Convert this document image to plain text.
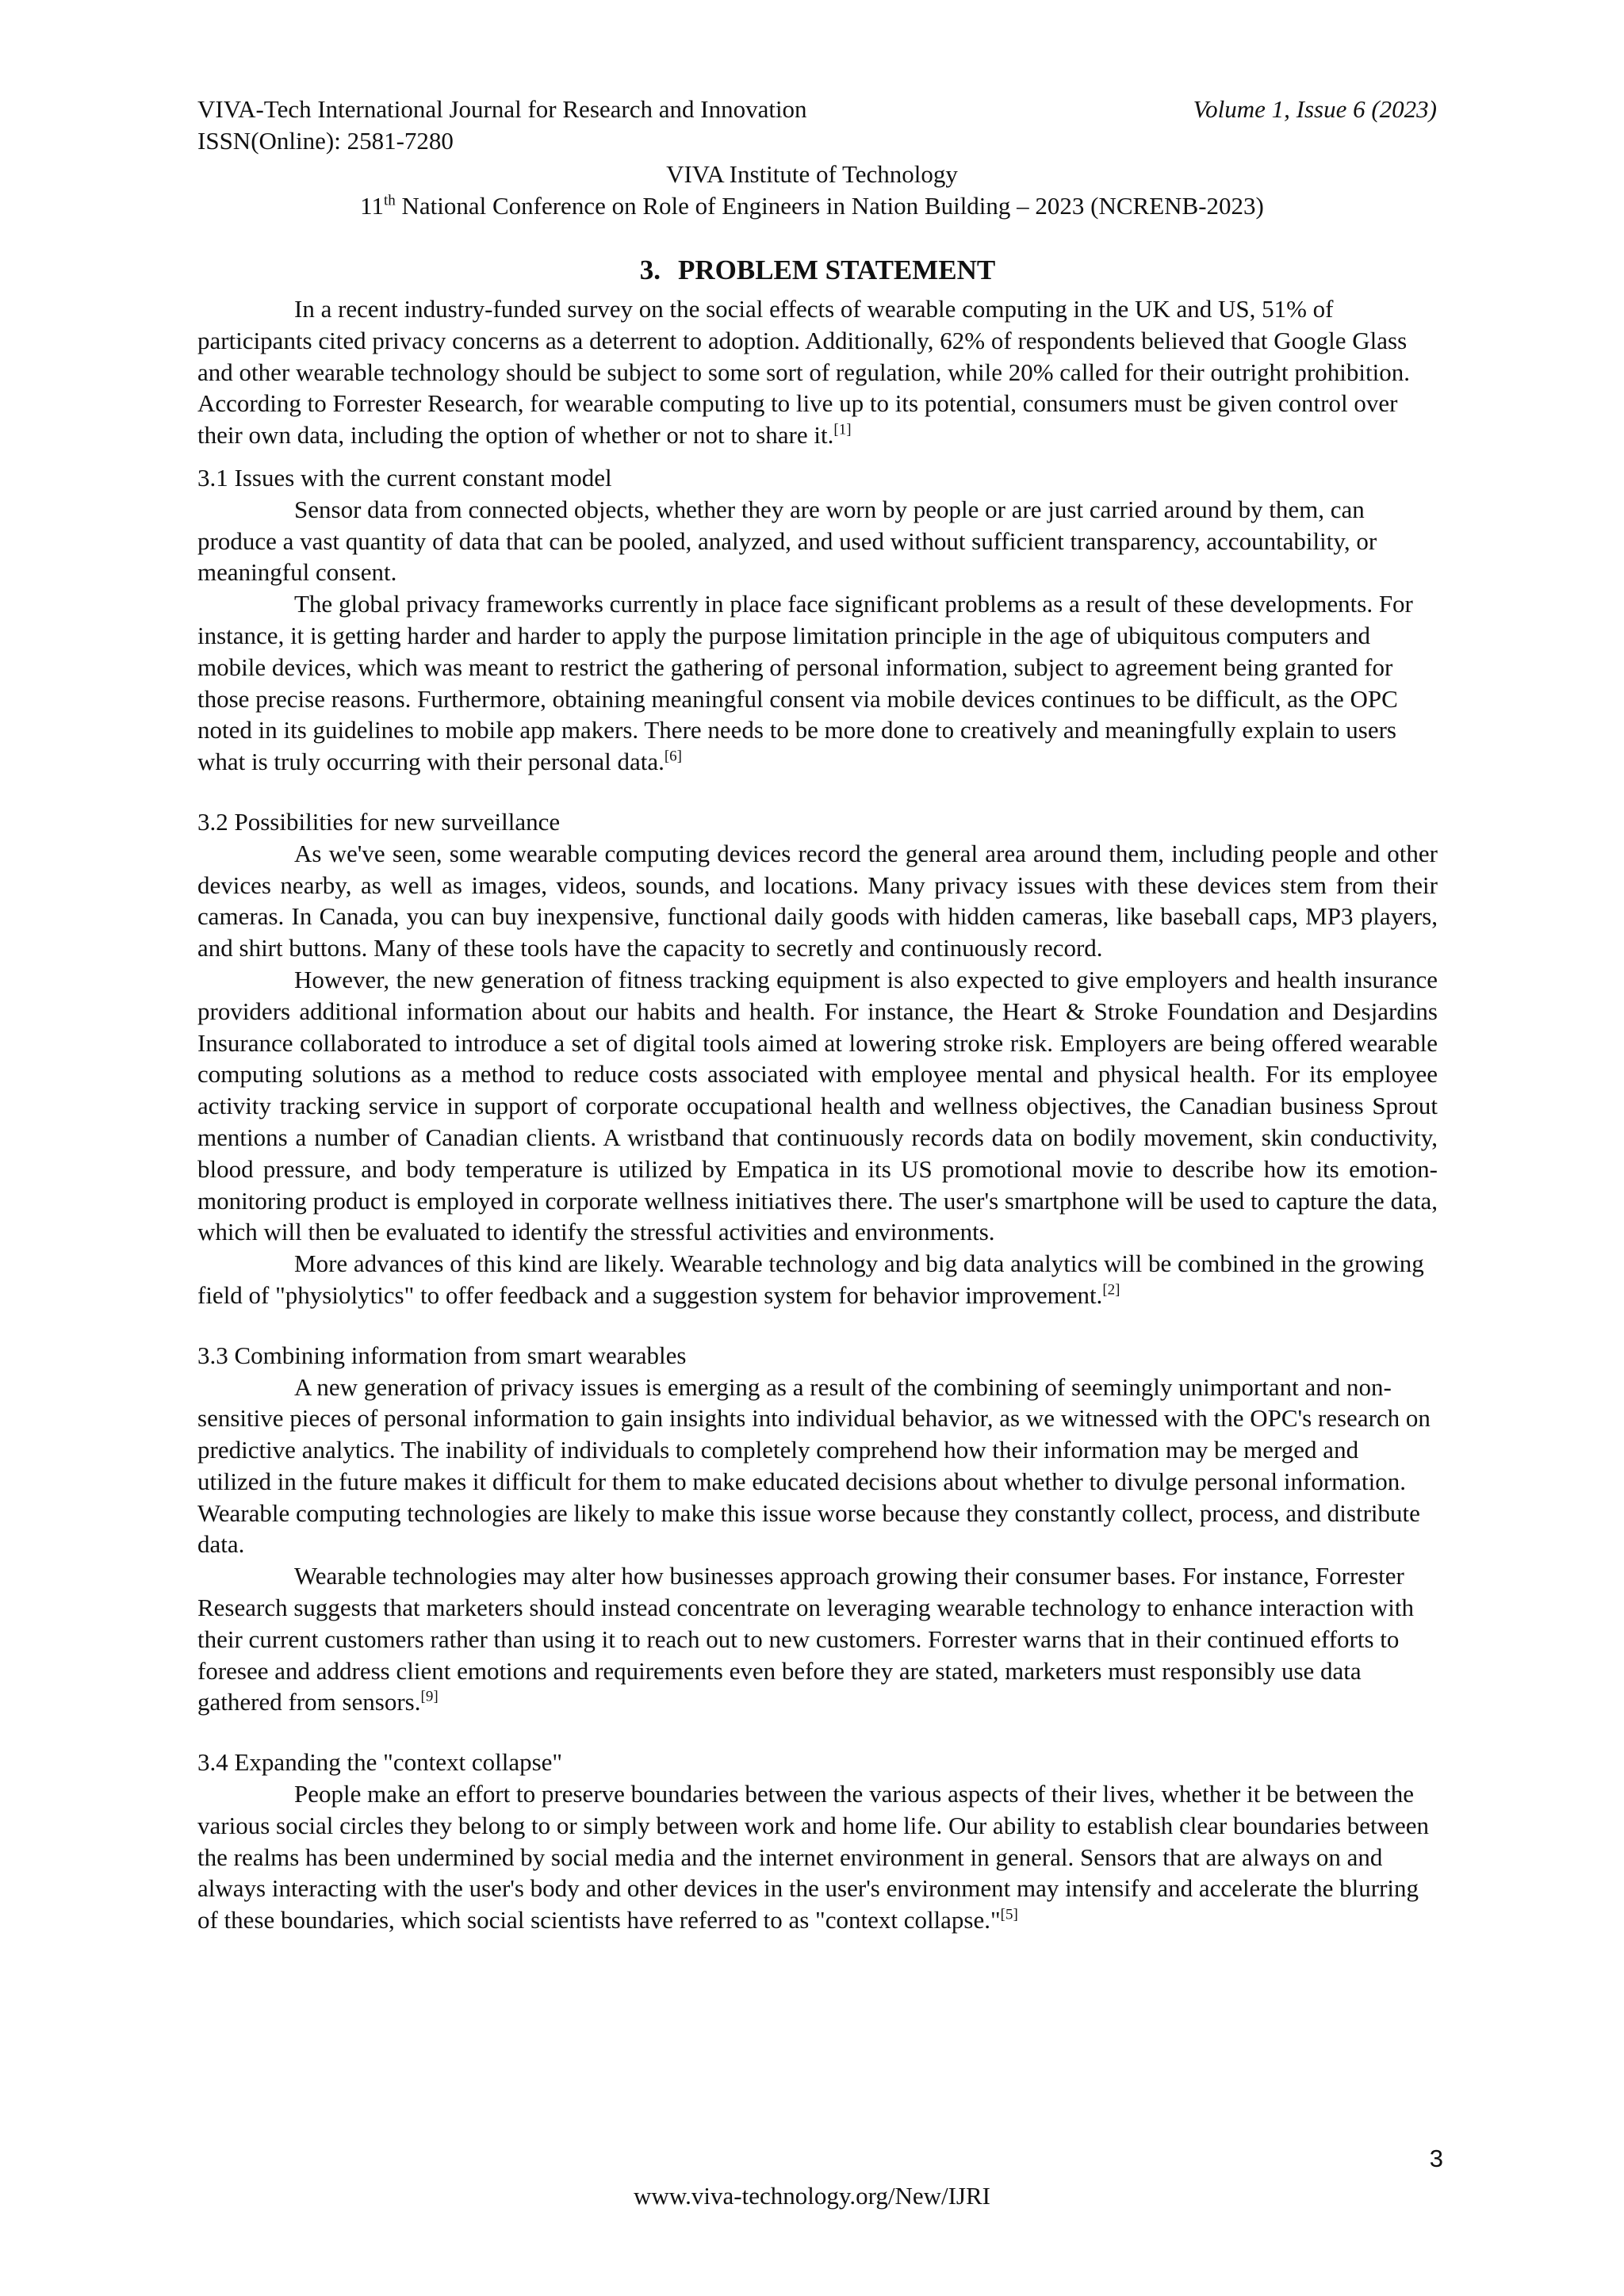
VIVA-Tech International Journal for Research and Innovation	Volume 1, Issue 6 (2023)
ISSN(Online): 2581-7280
VIVA Institute of Technology
11th National Conference on Role of Engineers in Nation Building – 2023 (NCRENB-2023)
3. PROBLEM STATEMENT

In a recent industry-funded survey on the social effects of wearable computing in the UK and US, 51% of participants cited privacy concerns as a deterrent to adoption. Additionally, 62% of respondents believed that Google Glass and other wearable technology should be subject to some sort of regulation, while 20% called for their outright prohibition. According to Forrester Research, for wearable computing to live up to its potential, consumers must be given control over their own data, including the option of whether or not to share it.[1]

3.1 Issues with the current constant model

Sensor data from connected objects, whether they are worn by people or are just carried around by them, can produce a vast quantity of data that can be pooled, analyzed, and used without sufficient transparency, accountability, or meaningful consent.

The global privacy frameworks currently in place face significant problems as a result of these developments. For instance, it is getting harder and harder to apply the purpose limitation principle in the age of ubiquitous computers and mobile devices, which was meant to restrict the gathering of personal information, subject to agreement being granted for those precise reasons. Furthermore, obtaining meaningful consent via mobile devices continues to be difficult, as the OPC noted in its guidelines to mobile app makers. There needs to be more done to creatively and meaningfully explain to users what is truly occurring with their personal data.[6]

3.2 Possibilities for new surveillance

As we've seen, some wearable computing devices record the general area around them, including people and other devices nearby, as well as images, videos, sounds, and locations. Many privacy issues with these devices stem from their cameras. In Canada, you can buy inexpensive, functional daily goods with hidden cameras, like baseball caps, MP3 players, and shirt buttons. Many of these tools have the capacity to secretly and continuously record.

However, the new generation of fitness tracking equipment is also expected to give employers and health insurance providers additional information about our habits and health. For instance, the Heart & Stroke Foundation and Desjardins Insurance collaborated to introduce a set of digital tools aimed at lowering stroke risk. Employers are being offered wearable computing solutions as a method to reduce costs associated with employee mental and physical health. For its employee activity tracking service in support of corporate occupational health and wellness objectives, the Canadian business Sprout mentions a number of Canadian clients. A wristband that continuously records data on bodily movement, skin conductivity, blood pressure, and body temperature is utilized by Empatica in its US promotional movie to describe how its emotion-monitoring product is employed in corporate wellness initiatives there. The user's smartphone will be used to capture the data, which will then be evaluated to identify the stressful activities and environments.

More advances of this kind are likely. Wearable technology and big data analytics will be combined in the growing field of "physiolytics" to offer feedback and a suggestion system for behavior improvement.[2]

3.3 Combining information from smart wearables

A new generation of privacy issues is emerging as a result of the combining of seemingly unimportant and non-sensitive pieces of personal information to gain insights into individual behavior, as we witnessed with the OPC's research on predictive analytics. The inability of individuals to completely comprehend how their information may be merged and utilized in the future makes it difficult for them to make educated decisions about whether to divulge personal information. Wearable computing technologies are likely to make this issue worse because they constantly collect, process, and distribute data.

Wearable technologies may alter how businesses approach growing their consumer bases. For instance, Forrester Research suggests that marketers should instead concentrate on leveraging wearable technology to enhance interaction with their current customers rather than using it to reach out to new customers. Forrester warns that in their continued efforts to foresee and address client emotions and requirements even before they are stated, marketers must responsibly use data gathered from sensors.[9]

3.4 Expanding the "context collapse"

People make an effort to preserve boundaries between the various aspects of their lives, whether it be between the various social circles they belong to or simply between work and home life. Our ability to establish clear boundaries between the realms has been undermined by social media and the internet environment in general. Sensors that are always on and always interacting with the user's body and other devices in the user's environment may intensify and accelerate the blurring of these boundaries, which social scientists have referred to as "context collapse."[5]

3
www.viva-technology.org/New/IJRI
